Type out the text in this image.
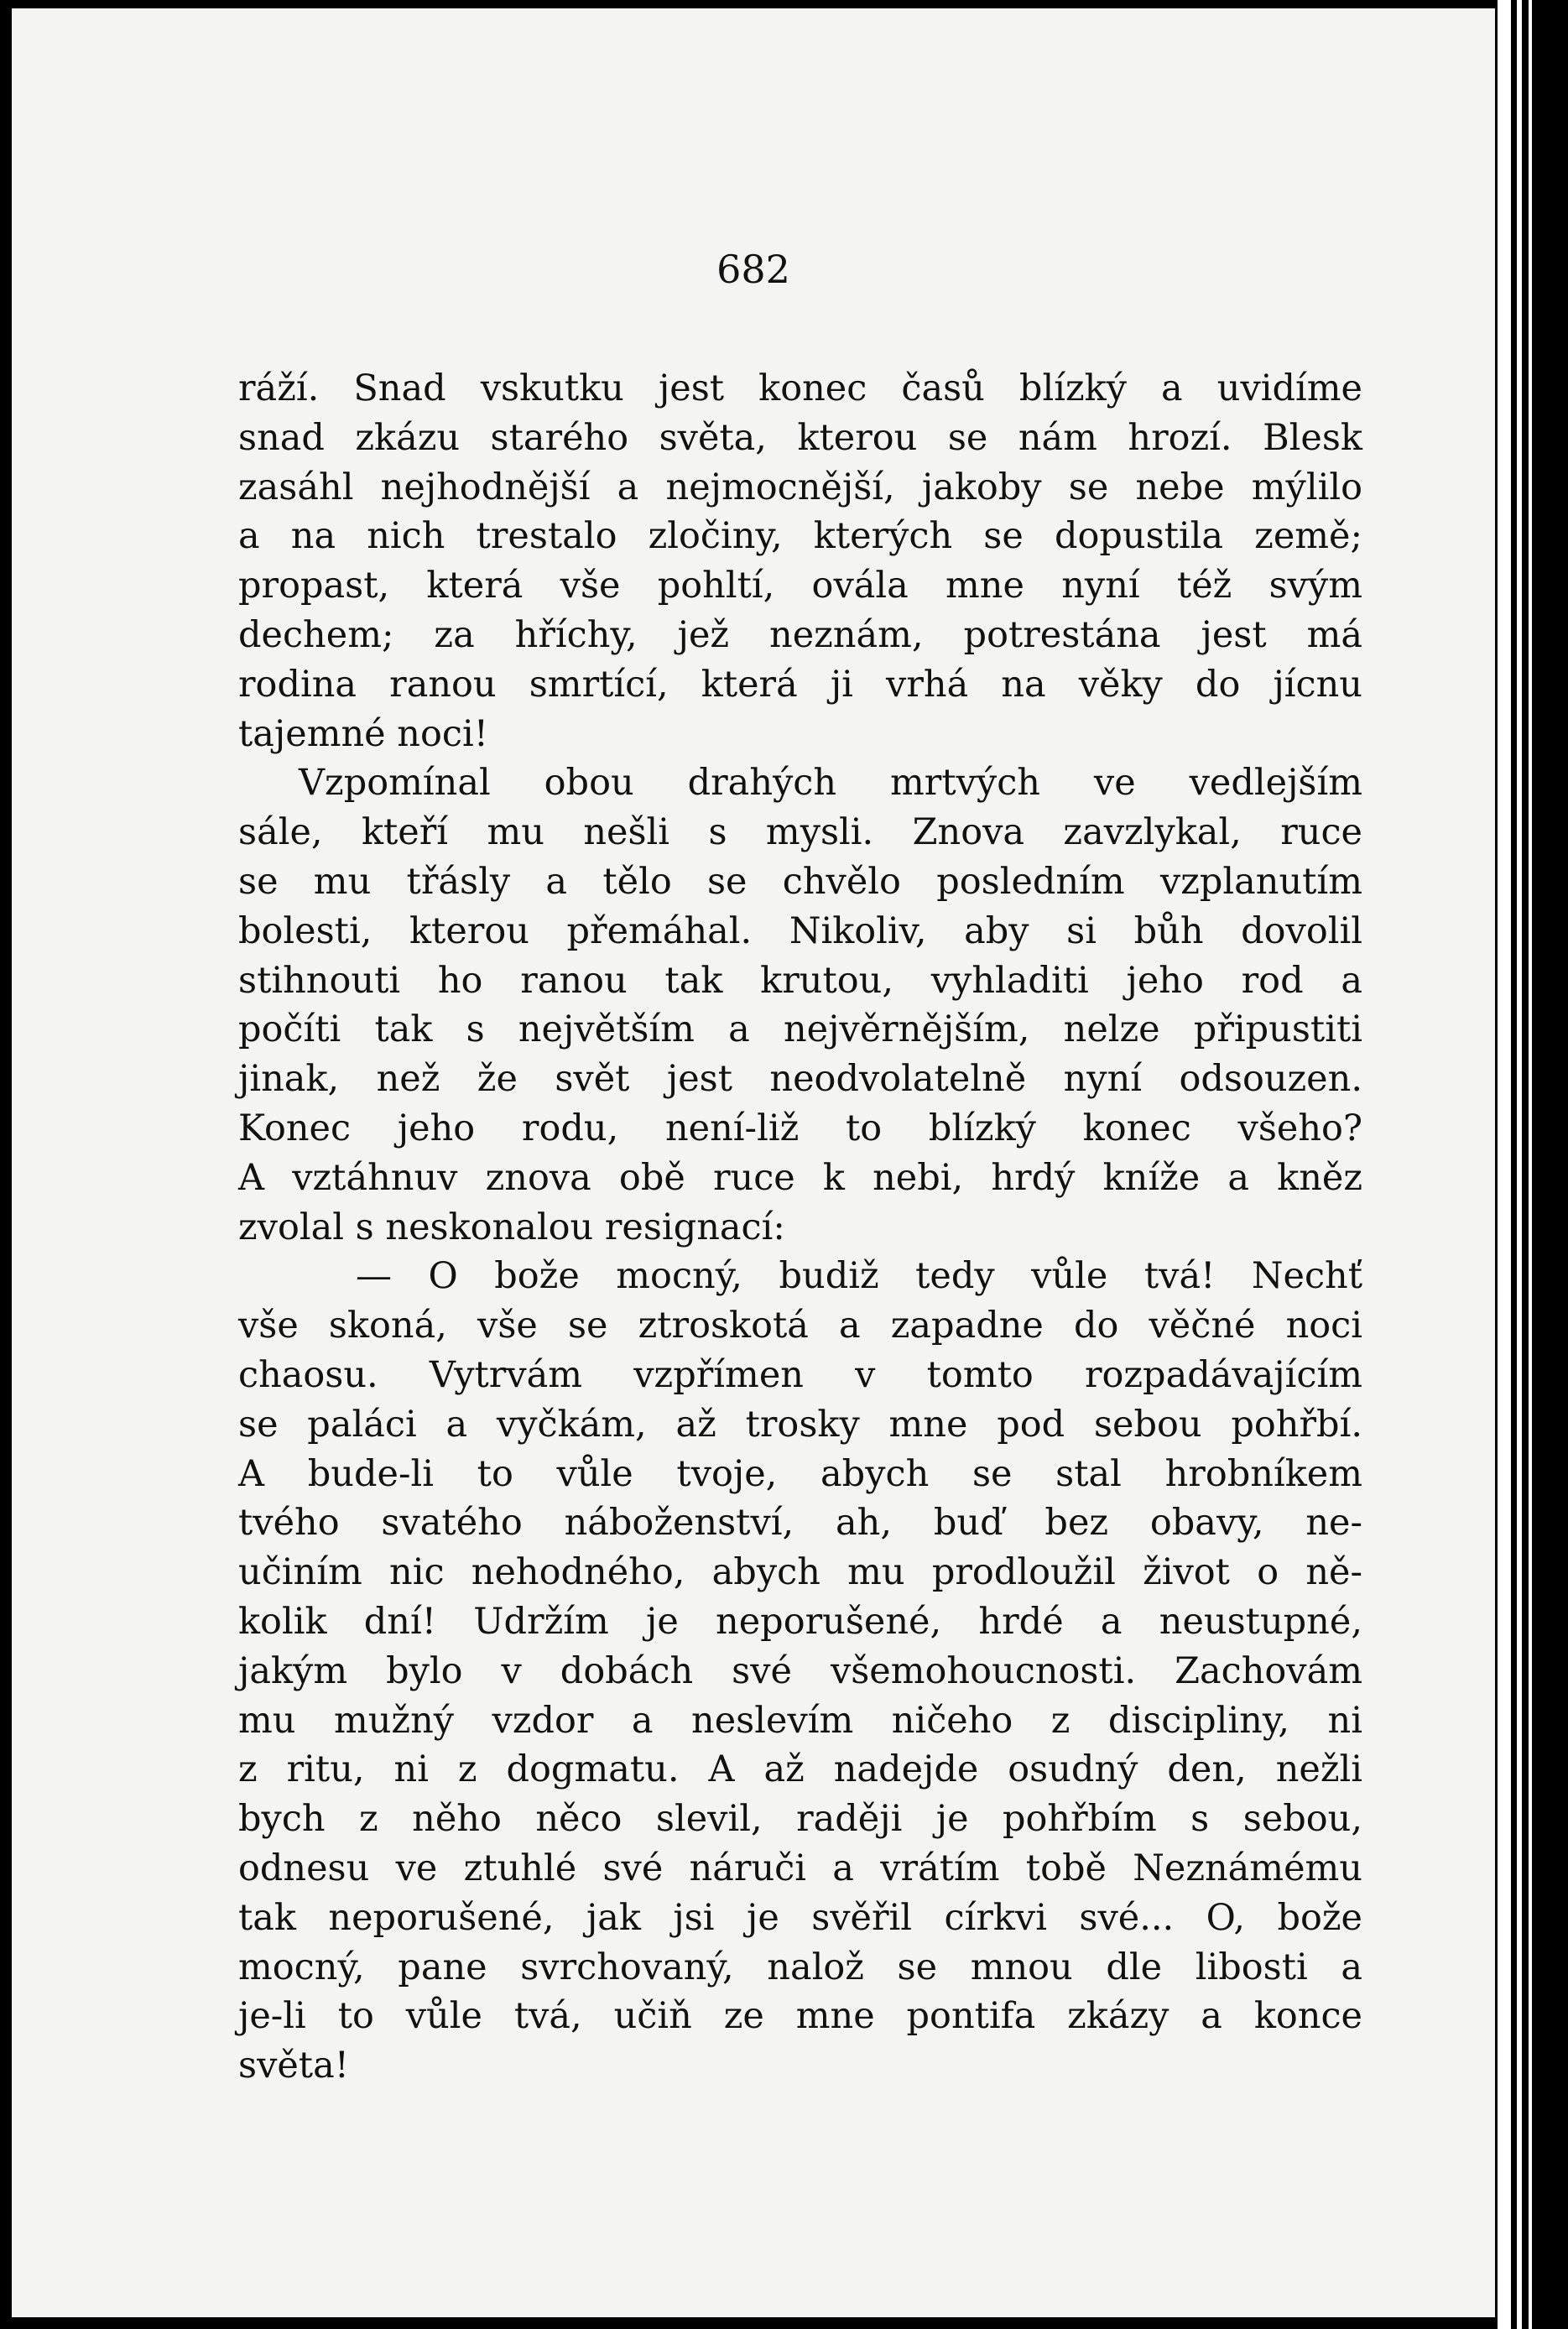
682
ráží. Snad vskutku jest konec časů blízký a uvidíme
snad zkázu starého světa, kterou se nám hrozí. Blesk
zasáhl nejhodnější a nejmocnější, jakoby se nebe mýlilo
a na nich trestalo zločiny, kterých se dopustila země;
propast, která vše pohltí, ovála mne nyní též svým
dechem; za hříchy, jež neznám, potrestána jest má
rodina ranou smrtící, která ji vrhá na věky do jícnu
tajemné noci!
Vzpomínal obou drahých mrtvých ve vedlejším
sále, kteří mu nešli s mysli. Znova zavzlykal, ruce
se mu třásly a tělo se chvělo posledním vzplanutím
bolesti, kterou přemáhal. Nikoliv, aby si bůh dovolil
stihnouti ho ranou tak krutou, vyhladiti jeho rod a
počíti tak s největším a nejvěrnějším, nelze připustiti
jinak, než že svět jest neodvolatelně nyní odsouzen.
Konec jeho rodu, není-liž to blízký konec všeho?
A vztáhnuv znova obě ruce k nebi, hrdý kníže a kněz
zvolal s neskonalou resignací:
— O bože mocný, budiž tedy vůle tvá! Nechť
vše skoná, vše se ztroskotá a zapadne do věčné noci
chaosu. Vytrvám vzpřímen v tomto rozpadávajícím
se paláci a vyčkám, až trosky mne pod sebou pohřbí.
A bude-li to vůle tvoje, abych se stal hrobníkem
tvého svatého náboženství, ah, buď bez obavy, ne-
učiním nic nehodného, abych mu prodloužil život o ně-
kolik dní! Udržím je neporušené, hrdé a neustupné,
jakým bylo v dobách své všemohoucnosti. Zachovám
mu mužný vzdor a neslevím ničeho z discipliny, ni
z ritu, ni z dogmatu. A až nadejde osudný den, nežli
bych z něho něco slevil, raději je pohřbím s sebou,
odnesu ve ztuhlé své náruči a vrátím tobě Neznámému
tak neporušené, jak jsi je svěřil církvi své... O, bože
mocný, pane svrchovaný, nalož se mnou dle libosti a
je-li to vůle tvá, učiň ze mne pontifa zkázy a konce
světa!
